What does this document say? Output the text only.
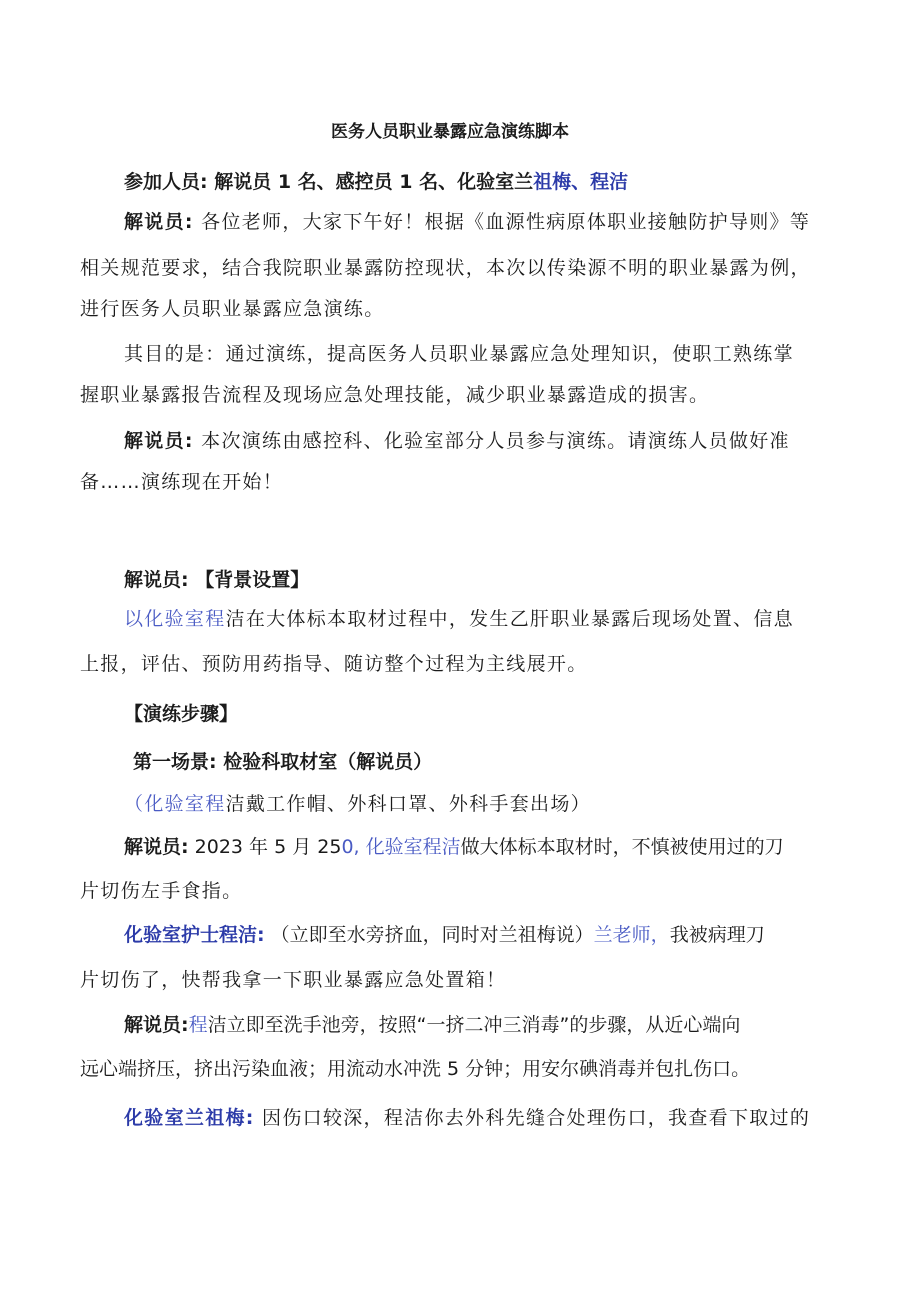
医务人员职业暴露应急演练脚本
参加人员: 解说员 1 名、感控员 1 名、化验室兰祖梅、程洁
解说员: 各位老师，大家下午好！根据《血源性病原体职业接触防护导则》等
相关规范要求，结合我院职业暴露防控现状，本次以传染源不明的职业暴露为例，
进行医务人员职业暴露应急演练。
其目的是：通过演练，提高医务人员职业暴露应急处理知识，使职工熟练掌
握职业暴露报告流程及现场应急处理技能，减少职业暴露造成的损害。
解说员: 本次演练由感控科、化验室部分人员参与演练。请演练人员做好准
备……演练现在开始！
解说员: 【背景设置】
以化验室程洁在大体标本取材过程中，发生乙肝职业暴露后现场处置、信息
上报，评估、预防用药指导、随访整个过程为主线展开。
【演练步骤】
第一场景: 检验科取材室（解说员）
（化验室程洁戴工作帽、外科口罩、外科手套出场）
解说员: 2023 年 5 月 250, 化验室程洁做大体标本取材时，不慎被使用过的刀
片切伤左手食指。
化验室护士程洁: （立即至水旁挤血，同时对兰祖梅说）兰老师，我被病理刀
片切伤了，快帮我拿一下职业暴露应急处置箱！
解说员:程洁立即至洗手池旁，按照“一挤二冲三消毒”的步骤，从近心端向
远心端挤压，挤出污染血液；用流动水冲洗 5 分钟；用安尔碘消毒并包扎伤口。
化验室兰祖梅: 因伤口较深，程洁你去外科先缝合处理伤口，我查看下取过的
